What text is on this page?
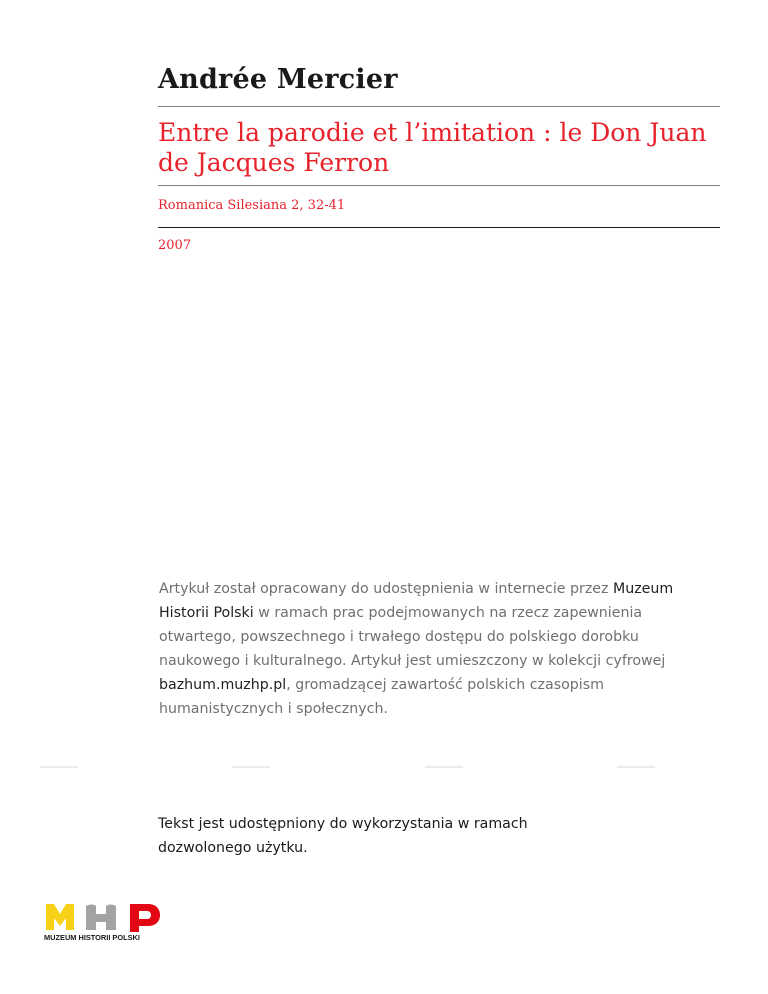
Andrée Mercier
Entre la parodie et l’imitation : le Don Juan de Jacques Ferron
Romanica Silesiana 2, 32-41
2007
Artykuł został opracowany do udostępnienia w internecie przez Muzeum Historii Polski w ramach prac podejmowanych na rzecz zapewnienia otwartego, powszechnego i trwałego dostępu do polskiego dorobku naukowego i kulturalnego. Artykuł jest umieszczony w kolekcji cyfrowej bazhum.muzhp.pl, gromadzącej zawartość polskich czasopism humanistycznych i społecznych.
Tekst jest udostępniony do wykorzystania w ramach dozwolonego użytku.
MUZEUM HISTORII POLSKI
